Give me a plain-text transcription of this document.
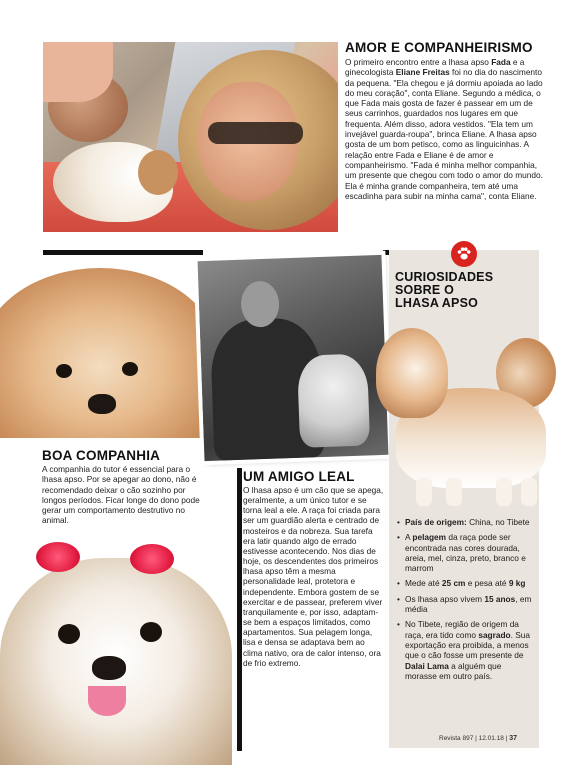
AMOR E COMPANHEIRISMO

O primeiro encontro entre a lhasa apso Fada e a ginecologista Eliane Freitas foi no dia do nascimento da pequena. "Ela chegou e já dormiu apoiada ao lado do meu coração", conta Eliane. Segundo a médica, o que Fada mais gosta de fazer é passear em um de seus carrinhos, guardados nos lugares em que frequenta. Além disso, adora vestidos. "Ela tem um invejável guarda-roupa", brinca Eliane. A lhasa apso gosta de um bom petisco, como as linguicinhas. A relação entre Fada e Eliane é de amor e companheirismo. "Fada é minha melhor companhia, um presente que chegou com todo o amor do mundo. Ela é minha grande companheira, tem até uma escadinha para subir na minha cama", conta Eliane.

CURIOSIDADES
SOBRE O
LHASA APSO
BOA COMPANHIA

A companhia do tutor é essencial para o lhasa apso. Por se apegar ao dono, não é recomendado deixar o cão sozinho por longos períodos. Ficar longe do dono pode gerar um comportamento destrutivo no animal.

UM AMIGO LEAL

O lhasa apso é um cão que se apega, geralmente, a um único tutor e se torna leal a ele. A raça foi criada para ser um guardião alerta e centrado de mosteiros e da nobreza. Sua tarefa era latir quando algo de errado estivesse acontecendo. Nos dias de hoje, os descendentes dos primeiros lhasa apso têm a mesma personalidade leal, protetora e independente. Embora gostem de se exercitar e de passear, preferem viver tranquilamente e, por isso, adaptam-se bem a espaços limitados, como apartamentos. Sua pelagem longa, lisa e densa se adaptava bem ao clima nativo, ora de calor intenso, ora de frio extremo.

• País de origem: China, no Tibete
• A pelagem da raça pode ser encontrada nas cores dourada, areia, mel, cinza, preto, branco e marrom
• Mede até 25 cm e pesa até 9 kg
• Os lhasa apso vivem 15 anos, em média
• No Tibete, região de origem da raça, era tido como sagrado. Sua exportação era proibida, a menos que o cão fosse um presente de Dalai Lama a alguém que morasse em outro país.
Revista 897 | 12.01.18 | 37
